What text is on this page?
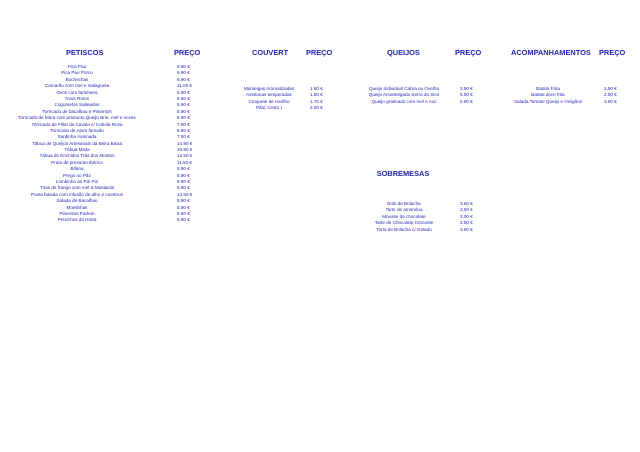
PETISCOS	PREÇO	COUVERT PREÇO	QUEIJOS	PREÇO	ACOMPANHAMENTOS PREÇO
SOBREMESAS
Pica Pau	9.90 €
Pica Pau Porco	6.90 €
Bochechas	8.90 €
Camarão com mel e malagueta	11.00 €
Ovos com farinheira	5.90 €
Ovos Rotos	6.50 €
Cogumelos Salteados	5.90 €
Torricado de bacalhau e Pimentos	8.90 €
Torricado de febra com presunto,Queijo Brie, mel e nozes	8.90 €
Torricado de Fillet de Cavala c/ Cebola Roxa	7.90 €
Torricado de Atum fumado	8.90 €
Sardinha marinada	7.50 €
Tábua de Queijos Artesanais da Beira Baixa	14.90 €
Tábua Mista	15.90 €
Tábua de Enchidos Trás dos Montes	12.50 €
Prato de presunto Ibérico	11.50 €
Bifana	5.90 €
Prego no Pão	6.90 €
Lombinho ao Piri Piri	8.90 €
Tiras de frango com mel & Mostarda	6.90 €
Posta fatiada com infusão de alho e coentros	14.90 €
Salada de Bacalhau	8.90 €
Moelinhas	5.90 €
Pimentos Padron	5.50 €
Peixinhos da Horta	6.90 €
Manteigas Aromatizadas	1.50 €
Azeitonas temperadas	1.50 €
Croquete de novilho	1.70 €
Pão( Cesto )	2.00 €
Queijo Individual Cabra ou Ovelha	3.50 €
Queijo Amanteigado Serra do Sicó	5.50 €
Queijo gratinado com mel e noz	5.90 €
Batata Frita	2.50 €
Batata doce frita	2.50 €
Salada Tomate Queijo e Orégãos	3.50 €
Bolo de Bolacha	3.50 €
Tarte de amendoa	3.50 €
Mousse de chocolate	3.00 €
Tarte de Chocolate Crocante	3.50 €
Torta de Bolacha c/ Gelado	3.50 €
